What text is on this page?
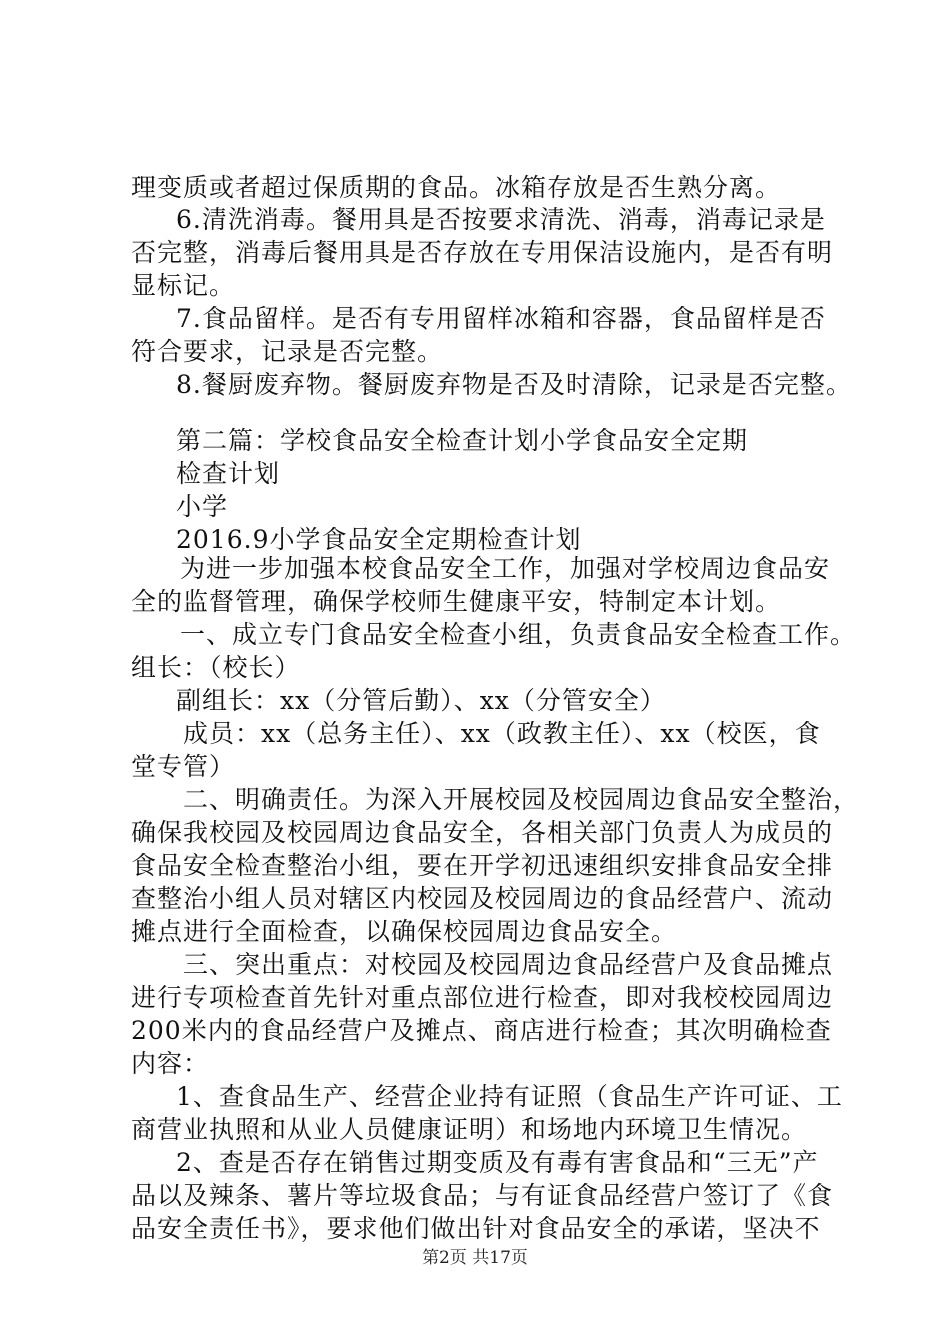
理变质或者超过保质期的食品。冰箱存放是否生熟分离。
6.清洗消毒。餐用具是否按要求清洗、消毒，消毒记录是
否完整，消毒后餐用具是否存放在专用保洁设施内，是否有明
显标记。
7.食品留样。是否有专用留样冰箱和容器，食品留样是否
符合要求，记录是否完整。
8.餐厨废弃物。餐厨废弃物是否及时清除，记录是否完整。
第二篇：学校食品安全检查计划小学食品安全定期
检查计划
小学
2016.9小学食品安全定期检查计划
为进一步加强本校食品安全工作，加强对学校周边食品安
全的监督管理，确保学校师生健康平安，特制定本计划。
一、成立专门食品安全检查小组，负责食品安全检查工作。
组长：（校长）
副组长：xx（分管后勤）、xx（分管安全）
成员：xx（总务主任）、xx（政教主任）、xx（校医，食
堂专管）
二、明确责任。为深入开展校园及校园周边食品安全整治，
确保我校园及校园周边食品安全，各相关部门负责人为成员的
食品安全检查整治小组，要在开学初迅速组织安排食品安全排
查整治小组人员对辖区内校园及校园周边的食品经营户、流动
摊点进行全面检查，以确保校园周边食品安全。
三、突出重点：对校园及校园周边食品经营户及食品摊点
进行专项检查首先针对重点部位进行检查，即对我校校园周边
200米内的食品经营户及摊点、商店进行检查；其次明确检查
内容：
1、查食品生产、经营企业持有证照（食品生产许可证、工
商营业执照和从业人员健康证明）和场地内环境卫生情况。
2、查是否存在销售过期变质及有毒有害食品和“三无”产
品以及辣条、薯片等垃圾食品；与有证食品经营户签订了《食
品安全责任书》，要求他们做出针对食品安全的承诺，坚决不
第2页 共17页
